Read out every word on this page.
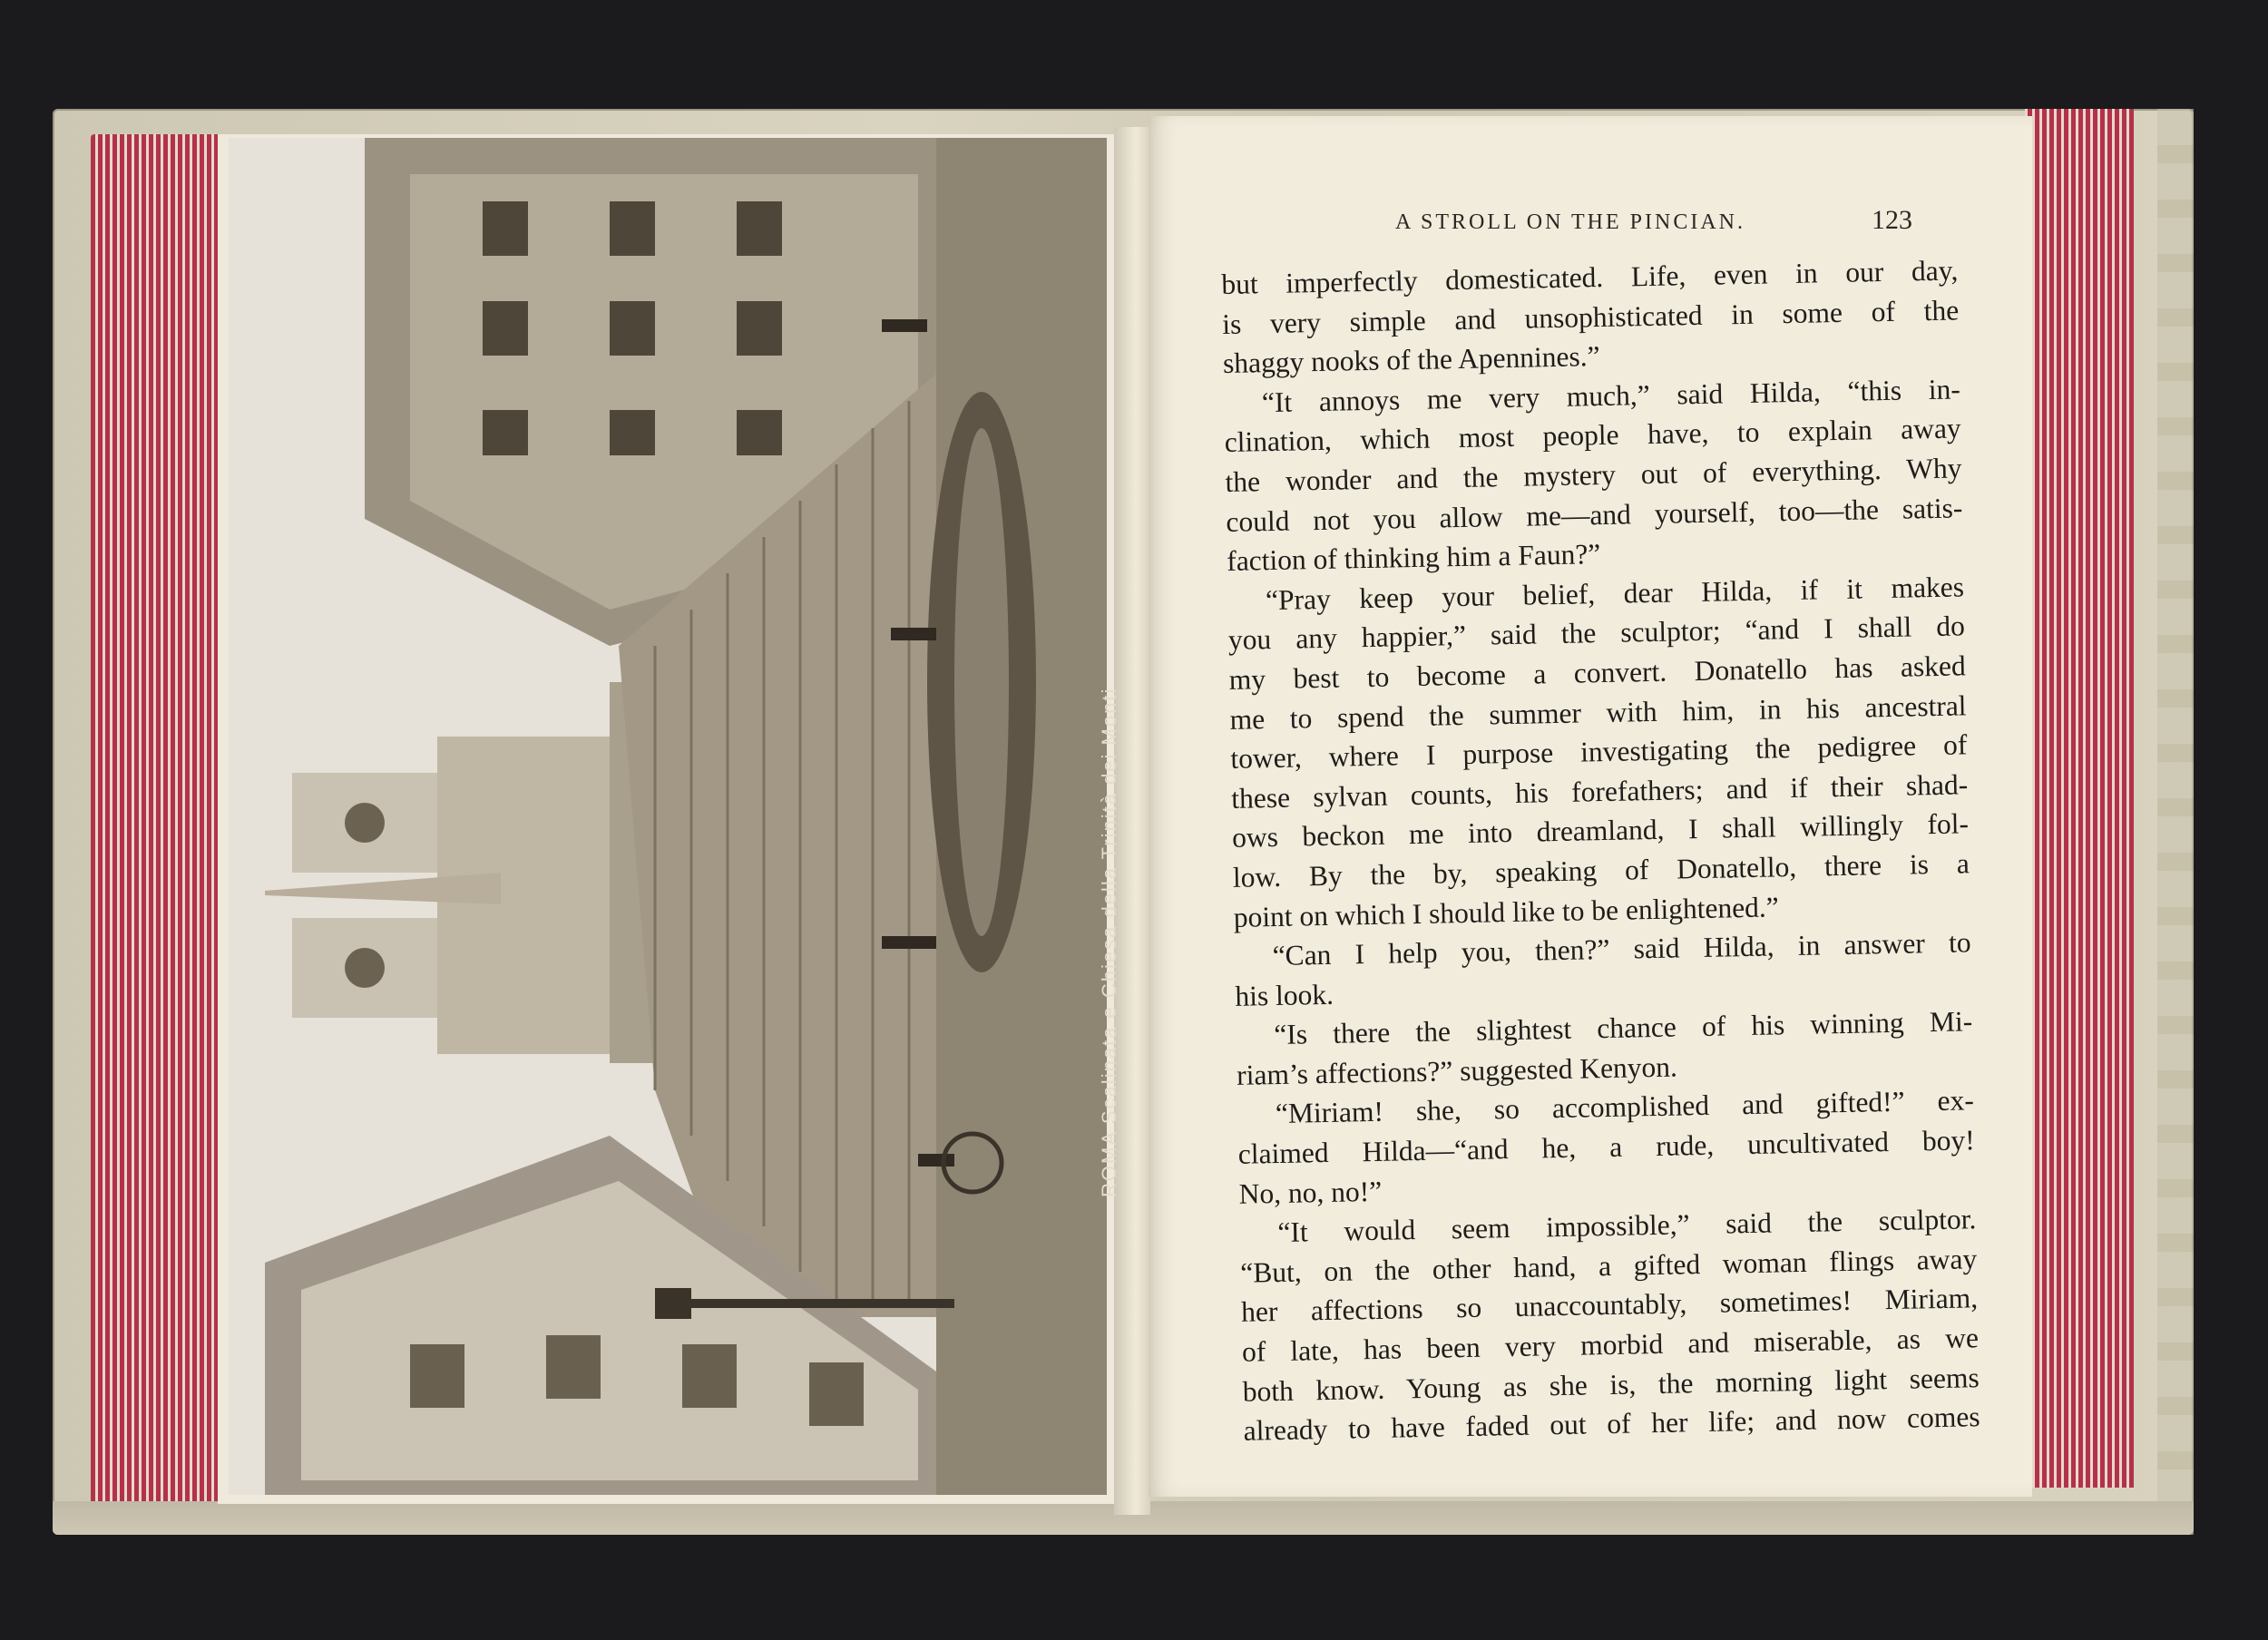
ROMA Scalinata e Chiesa della Trinità dei Monti
A STROLL ON THE PINCIAN.	123
but imperfectly domesticated. Life, even in our day,
is very simple and unsophisticated in some of the
shaggy nooks of the Apennines.”
“It annoys me very much,” said Hilda, “this in-
clination, which most people have, to explain away
the wonder and the mystery out of everything. Why
could not you allow me—and yourself, too—the satis-
faction of thinking him a Faun?”
“Pray keep your belief, dear Hilda, if it makes
you any happier,” said the sculptor; “and I shall do
my best to become a convert. Donatello has asked
me to spend the summer with him, in his ancestral
tower, where I purpose investigating the pedigree of
these sylvan counts, his forefathers; and if their shad-
ows beckon me into dreamland, I shall willingly fol-
low. By the by, speaking of Donatello, there is a
point on which I should like to be enlightened.”
“Can I help you, then?” said Hilda, in answer to
his look.
“Is there the slightest chance of his winning Mi-
riam’s affections?” suggested Kenyon.
“Miriam! she, so accomplished and gifted!” ex-
claimed Hilda—“and he, a rude, uncultivated boy!
No, no, no!”
“It would seem impossible,” said the sculptor.
“But, on the other hand, a gifted woman flings away
her affections so unaccountably, sometimes! Miriam,
of late, has been very morbid and miserable, as we
both know. Young as she is, the morning light seems
already to have faded out of her life; and now comes
